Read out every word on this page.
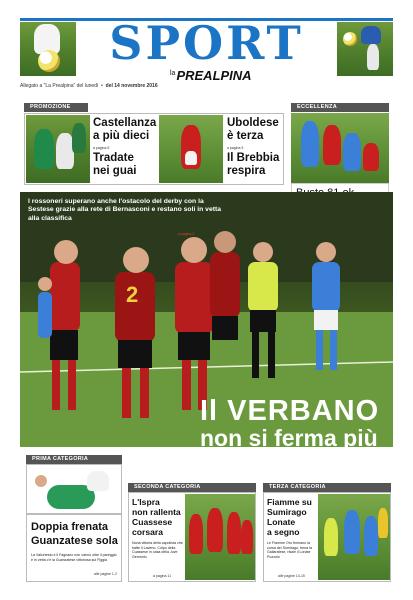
SPORT
$^{la}$PREALPINA
Allegato a "La Prealpina" del lunedì  •  del 14 novembre 2016
PROMOZIONE
Castellanza
a più dieci
a pagina 5
Tradate
nei guai
Uboldese
è terza
a pagina 9
Il Brebbia
respira
ECCELLENZA
2
I rossoneri superano anche l'ostacolo del derby con la Sestese grazie alla rete di Bernasconi e restano soli in vetta alla classifica
a pagina 4
Il VERBANO
non si ferma più
PRIMA CATEGORIA
Doppia frenata
Guanzatese sola
La Valceresio e il Fagnano non vanno oltre il pareggio e in vetta c'è la Guanzatese vittoriosa sul Figgia
alle pagine 1-2
SECONDA CATEGORIA
L'Ispra
non rallenta
Cuassese
corsara
Nona vittoria della capolista che batte il Laveno. Colpo della Cuassese in casa della Juve Gemonio
a pagina 11
TERZA CATEGORIA
Fiamme su
Sumirago
Lonate
a segno
Le Fiamme Oro fermano la corsa del Sumirago, frena la Gallaratese, risale il Lonate Pozzolo
alle pagine 14-15
